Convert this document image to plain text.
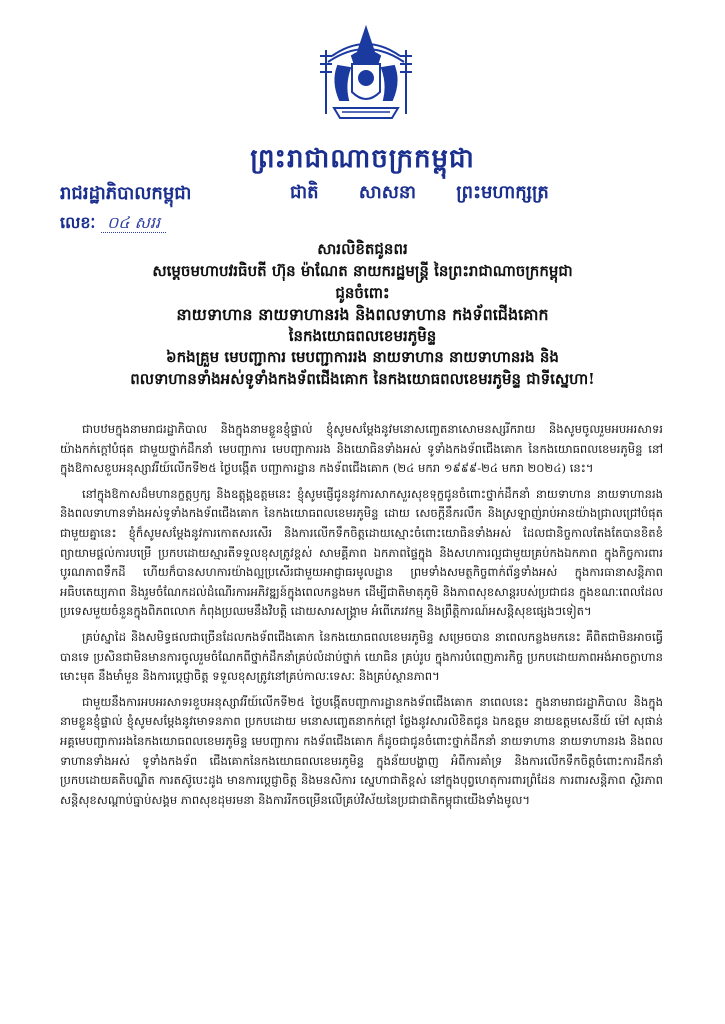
ព្រះរាជាណាចក្រកម្ពុជា
រាជរដ្ឋាភិបាលកម្ពុជា	ជាតិ សាសនា ព្រះមហាក្សត្រ
លេខៈ ០៤ សររ
សារលិខិតជូនពរ
សម្តេចមហាបវរធិបតី ហ៊ុន ម៉ាណែត នាយករដ្ឋមន្ត្រី នៃព្រះរាជាណាចក្រកម្ពុជា
ជូនចំពោះ
នាយទាហាន នាយទាហានរង និងពលទាហាន កងទ័ពជើងគោក
នៃកងយោធពលខេមរភូមិន្ទ
៦កងគ្រួម មេបញ្ជាការ មេបញ្ជាការរង នាយទាហាន នាយទាហានរង និង
ពលទាហានទាំងអស់ទូទាំងកងទ័ពជើងគោក នៃកងយោធពលខេមរភូមិន្ទ ជាទីស្នេហា!

ជាបឋមក្នុងនាមរាជរដ្ឋាភិបាល និងក្នុងនាមខ្លួនខ្ញុំផ្ទាល់ ខ្ញុំសូមសម្តែងនូវមនោសញ្ចេតនាសោមនស្សរីករាយ និងសូមចូលរួមអបអរសាទរយ៉ាងកក់ក្តៅបំផុត ជាមួយថ្នាក់ដឹកនាំ មេបញ្ជាការ មេបញ្ជាការរង និងយោធិនទាំងអស់ ទូទាំងកងទ័ពជើងគោក នៃកងយោធពលខេមរភូមិន្ទ នៅក្នុងឱកាសខួបអនុស្សាវរីយ៍លើកទី២៥ ថ្ងៃបង្កើត បញ្ជាការដ្ឋាន កងទ័ពជើងគោក (២៤ មករា ១៩៩៩-២៤ មករា ២០២៤) នេះ។

នៅក្នុងឱកាសដ៏មហានក្ខត្តឫក្ស និងឧត្តុង្គឧត្តមនេះ ខ្ញុំសូមផ្ញើជូននូវការសាកសួរសុខទុក្ខជូនចំពោះថ្នាក់ដឹកនាំ នាយទាហាន នាយទាហានរង និងពលទាហានទាំងអស់ទូទាំងកងទ័ពជើងគោក នៃកងយោធពលខេមរភូមិន្ទ ដោយ សេចក្តីនឹករលឹក និងស្រឡាញ់រាប់អានយ៉ាងជ្រាលជ្រៅបំផុត ជាមួយគ្នានេះ ខ្ញុំក៏សូមសម្តែងនូវការកោតសរសើរ និងការលើកទឹកចិត្តដោយស្មោះចំពោះយោធិនទាំងអស់ ដែលជានិច្ចកាលតែងតែបានខិតខំព្យាយាមផ្តល់ការបម្រើ ប្រកបដោយស្មារតីទទួលខុសត្រូវខ្ពស់ សាមគ្គីភាព ឯកភាពផ្ទៃក្នុង និងសហការល្អជាមួយគ្រប់កងឯកភាព ក្នុងកិច្ចការពារបូរណភាពទឹកដី ហើយក៏បានសហការយ៉ាងល្អប្រសើរជាមួយអាជ្ញាធរមូលដ្ឋាន ព្រមទាំងសមត្ថកិច្ចពាក់ព័ន្ធទាំងអស់ ក្នុងការធានាសន្តិភាព អធិបតេយ្យភាព និងរួមចំណែកដល់ដំណើរការអភិវឌ្ឍន៍ក្នុងពេលកន្លងមក ដើម្បីជាតិមាតុភូមិ និងភាពសុខសាន្តរបស់ប្រជាជន ក្នុងខណៈពេលដែលប្រទេសមួយចំនួនក្នុងពិភពលោក កំពុងប្រឈមនឹងវិបត្តិ ដោយសារសង្គ្រាម អំពើភេរវកម្ម និងព្រឹត្តិការណ៍អសន្តិសុខផ្សេងៗទៀត។

គ្រប់ស្នាដៃ និងសមិទ្ធផលជាច្រើនដែលកងទ័ពជើងគោក នៃកងយោធពលខេមរភូមិន្ទ សម្រេចបាន នាពេលកន្លងមកនេះ គឺពិតជាមិនអាចធ្វើបានទេ ប្រសិនជាមិនមានការចូលរួមចំណែកពីថ្នាក់ដឹកនាំគ្រប់លំដាប់ថ្នាក់ យោធិន គ្រប់រូប ក្នុងការបំពេញភារកិច្ច ប្រកបដោយភាពអង់អាចក្លាហាន មោះមុត នឹងមាំមួន និងការប្តេជ្ញាចិត្ត ទទួលខុសត្រូវនៅគ្រប់កាលៈទេសៈ និងគ្រប់ស្ថានភាព។

ជាមួយនឹងការអបអរសាទរខួបអនុស្សាវរីយ៍លើកទី២៥ ថ្ងៃបង្កើតបញ្ជាការដ្ឋានកងទ័ពជើងគោក នាពេលនេះ ក្នុងនាមរាជរដ្ឋាភិបាល និងក្នុងនាមខ្លួនខ្ញុំផ្ទាល់ ខ្ញុំសូមសម្តែងនូវមោទនភាព ប្រកបដោយ មនោសញ្ចេតនាកក់ក្តៅ ថ្លែងនូវសារលិខិតជូន ឯកឧត្តម នាយឧត្តមសេនីយ៍ ម៉ៅ សុផាន់ អគ្គមេបញ្ជាការរងនៃកងយោធពលខេមរភូមិន្ទ មេបញ្ជាការ កងទ័ពជើងគោក ក៏ដូចជាជូនចំពោះថ្នាក់ដឹកនាំ នាយទាហាន នាយទាហានរង និងពលទាហានទាំងអស់ ទូទាំងកងទ័ព ជើងគោកនៃកងយោធពលខេមរភូមិន្ទ ក្នុងន័យបង្ហាញ អំពីការគាំទ្រ និងការលើកទឹកចិត្តចំពោះការដឹកនាំប្រកបដោយគតិបណ្ឌិត ការតស៊ូបេះដូង មានការប្តេជ្ញាចិត្ត និងមនសិការ ស្នេហាជាតិខ្ពស់ នៅក្នុងបុព្វហេតុការពារព្រំដែន ការពារសន្តិភាព ស្ថិរភាព សន្តិសុខសណ្តាប់ធ្នាប់សង្គម ភាពសុខដុមរមនា និងការរីកចម្រើនលើគ្រប់វិស័យនៃប្រជាជាតិកម្ពុជាយើងទាំងមូល។
